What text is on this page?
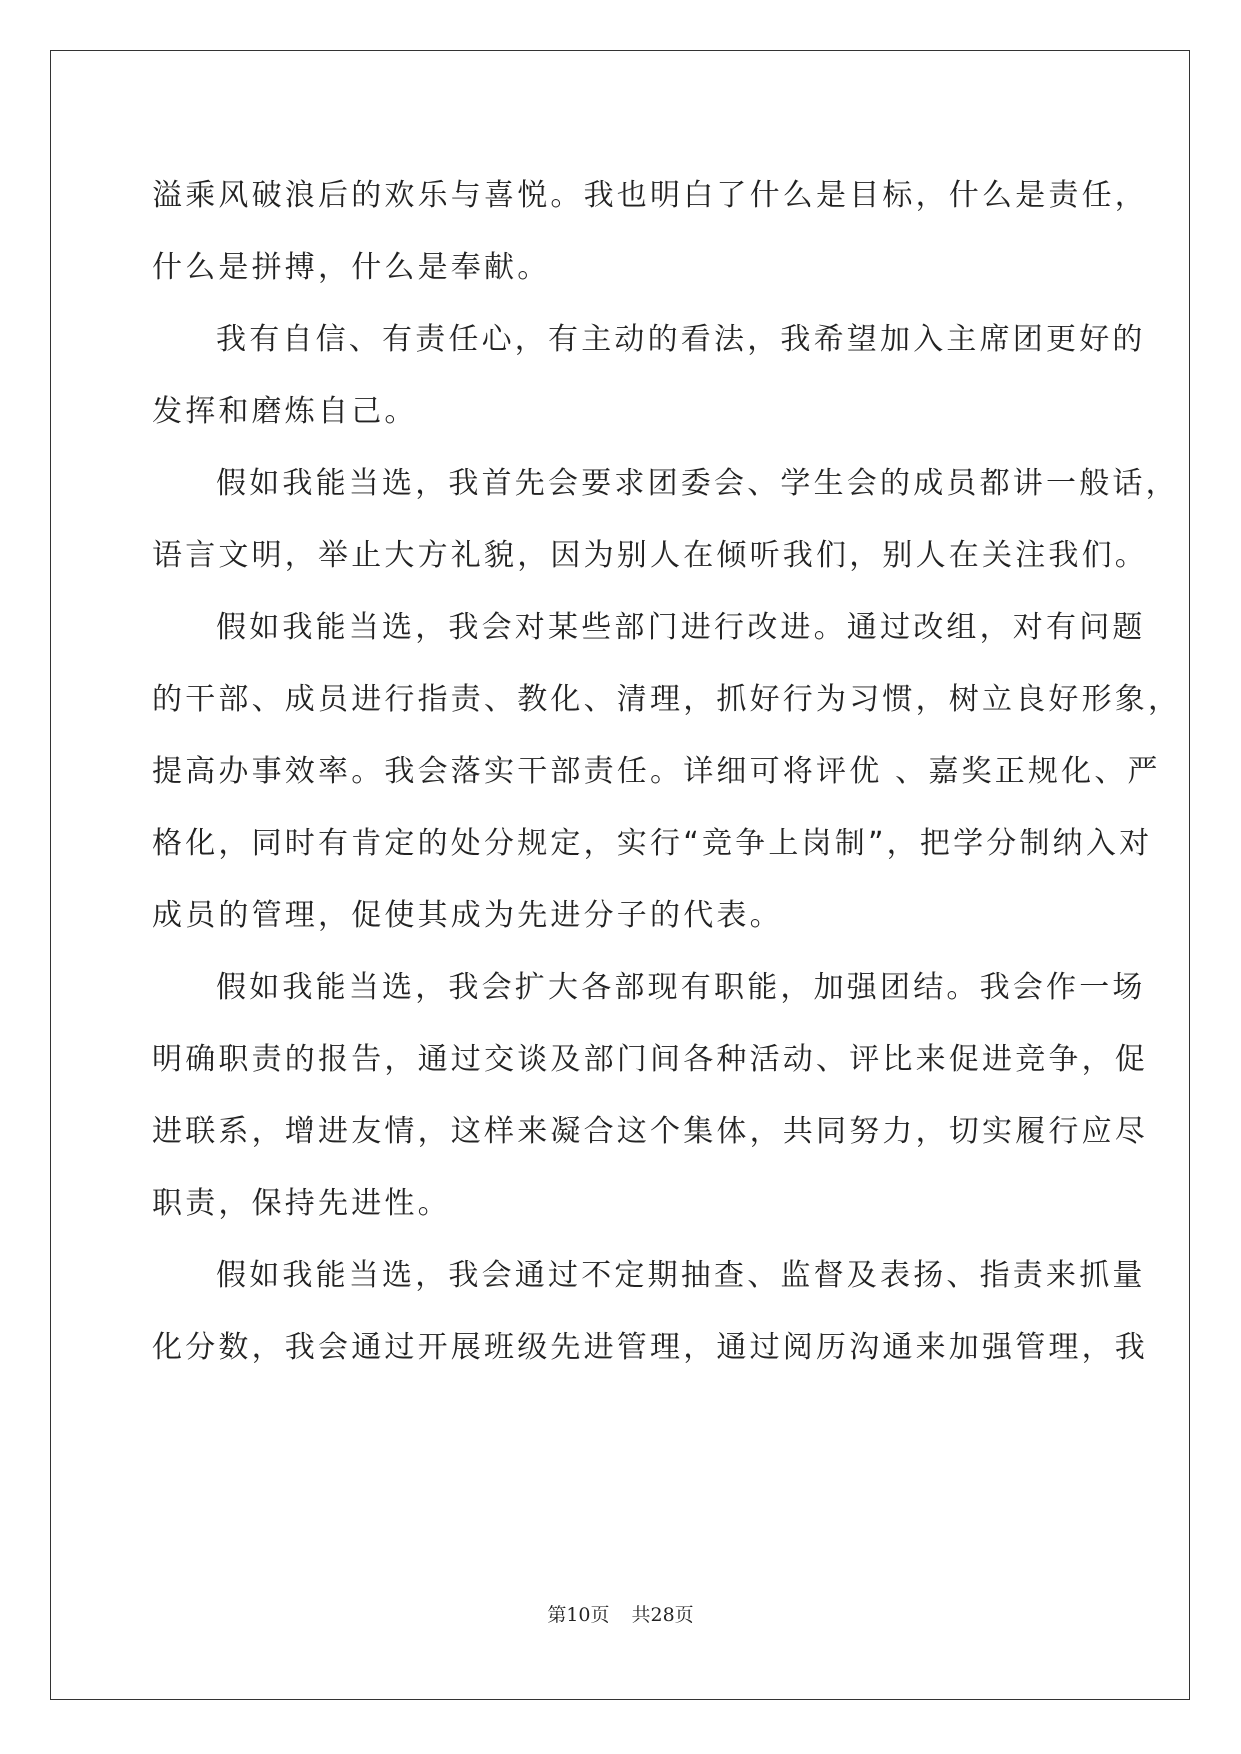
溢乘风破浪后的欢乐与喜悦。我也明白了什么是目标，什么是责任，
什么是拼搏，什么是奉献。
我有自信、有责任心，有主动的看法，我希望加入主席团更好的
发挥和磨炼自己。
假如我能当选，我首先会要求团委会、学生会的成员都讲一般话，
语言文明，举止大方礼貌，因为别人在倾听我们，别人在关注我们。
假如我能当选，我会对某些部门进行改进。通过改组，对有问题
的干部、成员进行指责、教化、清理，抓好行为习惯，树立良好形象，
提高办事效率。我会落实干部责任。详细可将评优 、嘉奖正规化、严
格化，同时有肯定的处分规定，实行“竞争上岗制”，把学分制纳入对
成员的管理，促使其成为先进分子的代表。
假如我能当选，我会扩大各部现有职能，加强团结。我会作一场
明确职责的报告，通过交谈及部门间各种活动、评比来促进竞争，促
进联系，增进友情，这样来凝合这个集体，共同努力，切实履行应尽
职责，保持先进性。
假如我能当选，我会通过不定期抽查、监督及表扬、指责来抓量
化分数，我会通过开展班级先进管理，通过阅历沟通来加强管理，我
第10页 共28页
